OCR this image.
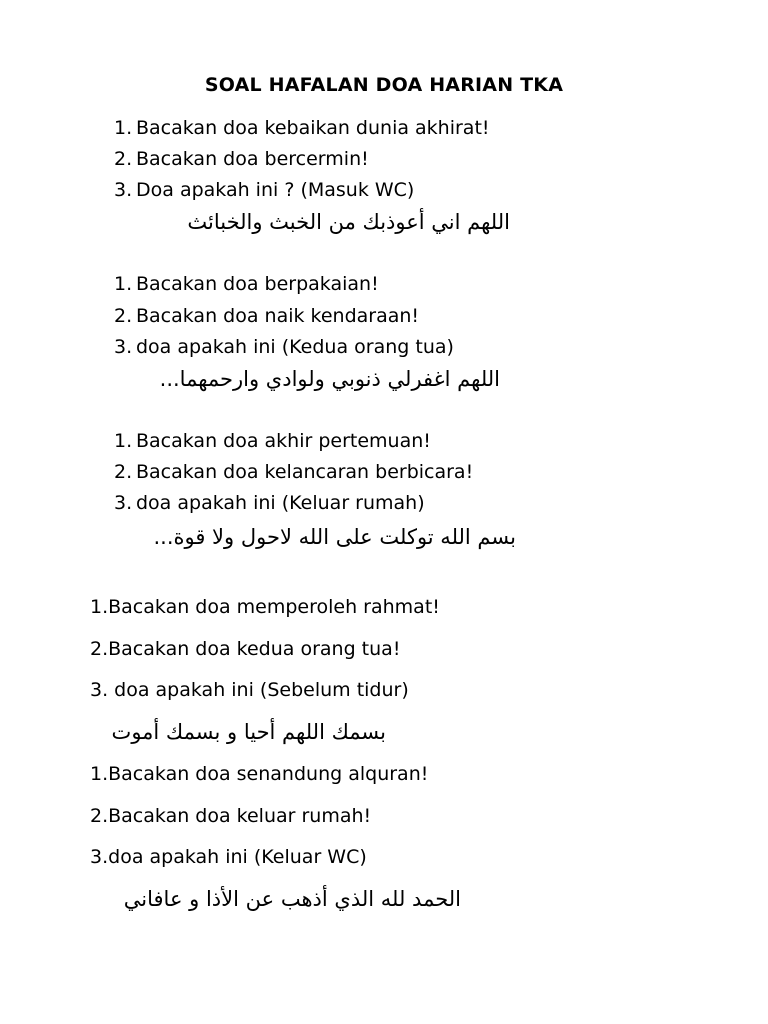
SOAL HAFALAN DOA HARIAN TKA
1. Bacakan doa kebaikan dunia akhirat!
2. Bacakan doa bercermin!
3. Doa apakah ini ? (Masuk WC)
اللهم اني أعوذبك من الخبث والخبائث
1. Bacakan doa berpakaian!
2. Bacakan doa naik kendaraan!
3. doa apakah ini (Kedua orang tua)
اللهم اغفرلي ذنوبي ولوادي وارحمهما...
1. Bacakan doa akhir pertemuan!
2. Bacakan doa kelancaran berbicara!
3. doa apakah ini (Keluar rumah)
بسم الله توكلت على الله لاحول ولا قوة...
1.Bacakan doa memperoleh rahmat!
2.Bacakan doa kedua orang tua!
3. doa apakah ini (Sebelum tidur)
بسمك اللهم أحيا و بسمك أموت
1.Bacakan doa senandung alquran!
2.Bacakan doa keluar rumah!
3.doa apakah ini (Keluar WC)
الحمد لله الذي أذهب عن الأذا و عافاني
